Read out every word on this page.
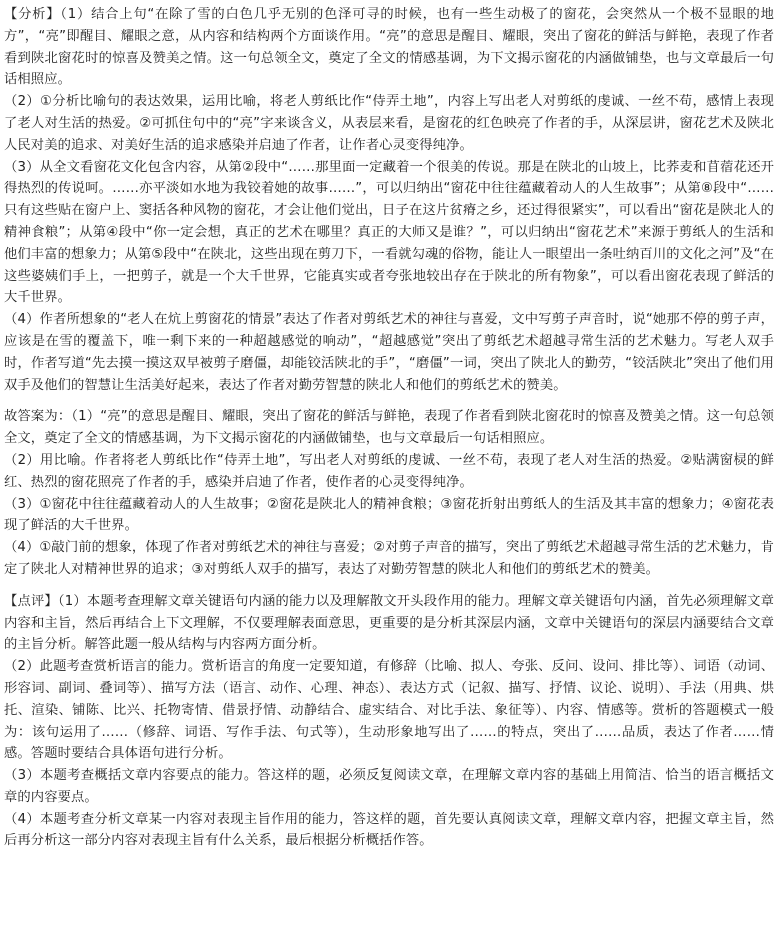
【分析】（1）结合上句“在除了雪的白色几乎无别的色泽可寻的时候，也有一些生动极了的窗花，会突然从一个极不显眼的地方”，“亮”即醒目、耀眼之意，从内容和结构两个方面谈作用。“亮”的意思是醒目、耀眼，突出了窗花的鲜活与鲜艳，表现了作者看到陕北窗花时的惊喜及赞美之情。这一句总领全文，奠定了全文的情感基调，为下文揭示窗花的内涵做铺垫，也与文章最后一句话相照应。

（2）①分析比喻句的表达效果，运用比喻，将老人剪纸比作“侍弄土地”，内容上写出老人对剪纸的虔诚、一丝不苟，感情上表现了老人对生活的热爱。②可抓住句中的“亮”字来谈含义，从表层来看，是窗花的红色映亮了作者的手，从深层讲，窗花艺术及陕北人民对美的追求、对美好生活的追求感染并启迪了作者，让作者心灵变得纯净。

（3）从全文看窗花文化包含内容，从第②段中“……那里面一定藏着一个很美的传说。那是在陕北的山坡上，比荞麦和苜蓿花还开得热烈的传说呵。……亦平淡如水地为我铰着她的故事……”，可以归纳出“窗花中往往蕴藏着动人的人生故事”；从第⑧段中“……只有这些贴在窗户上、窦括各种风物的窗花，才会让他们觉出，日子在这片贫瘠之乡，还过得很紧实”，可以看出“窗花是陕北人的精神食粮”；从第④段中“你一定会想，真正的艺术在哪里？真正的大师又是谁？”，可以归纳出“窗花艺术”来源于剪纸人的生活和他们丰富的想象力；从第⑤段中“在陕北，这些出现在剪刀下，一看就勾魂的俗物，能让人一眼望出一条吐纳百川的文化之河”及“在这些婆姨们手上，一把剪子，就是一个大千世界，它能真实或者夸张地较出存在于陕北的所有物象”，可以看出窗花表现了鲜活的大千世界。

（4）作者所想象的“老人在炕上剪窗花的情景”表达了作者对剪纸艺术的神往与喜爱，文中写剪子声音时，说“她那不停的剪子声，应该是在雪的覆盖下，唯一剩下来的一种超越感觉的响动”，“超越感觉”突出了剪纸艺术超越寻常生活的艺术魅力。写老人双手时，作者写道“先去摸一摸这双早被剪子磨僵，却能铰活陕北的手”，“磨僵”一词，突出了陕北人的勤劳，“铰活陕北”突出了他们用双手及他们的智慧让生活美好起来，表达了作者对勤劳智慧的陕北人和他们的剪纸艺术的赞美。

故答案为：（1）“亮”的意思是醒目、耀眼，突出了窗花的鲜活与鲜艳，表现了作者看到陕北窗花时的惊喜及赞美之情。这一句总领全文，奠定了全文的情感基调，为下文揭示窗花的内涵做铺垫，也与文章最后一句话相照应。

（2）用比喻。作者将老人剪纸比作“侍弄土地”，写出老人对剪纸的虔诚、一丝不苟，表现了老人对生活的热爱。②贴满窗棂的鲜红、热烈的窗花照亮了作者的手，感染并启迪了作者，使作者的心灵变得纯净。

（3）①窗花中往往蕴藏着动人的人生故事；②窗花是陕北人的精神食粮；③窗花折射出剪纸人的生活及其丰富的想象力；④窗花表现了鲜活的大千世界。

（4）①敲门前的想象，体现了作者对剪纸艺术的神往与喜爱；②对剪子声音的描写，突出了剪纸艺术超越寻常生活的艺术魅力，肯定了陕北人对精神世界的追求；③对剪纸人双手的描写，表达了对勤劳智慧的陕北人和他们的剪纸艺术的赞美。

【点评】（1）本题考查理解文章关键语句内涵的能力以及理解散文开头段作用的能力。理解文章关键语句内涵，首先必须理解文章内容和主旨，然后再结合上下文理解，不仅要理解表面意思，更重要的是分析其深层内涵，文章中关键语句的深层内涵要结合文章的主旨分析。解答此题一般从结构与内容两方面分析。

（2）此题考查赏析语言的能力。赏析语言的角度一定要知道，有修辞（比喻、拟人、夸张、反问、设问、排比等）、词语（动词、形容词、副词、叠词等）、描写方法（语言、动作、心理、神态）、表达方式（记叙、描写、抒情、议论、说明）、手法（用典、烘托、渲染、铺陈、比兴、托物寄情、借景抒情、动静结合、虚实结合、对比手法、象征等）、内容、情感等。赏析的答题模式一般为：该句运用了……（修辞、词语、写作手法、句式等），生动形象地写出了……的特点，突出了……品质，表达了作者……情感。答题时要结合具体语句进行分析。

（3）本题考查概括文章内容要点的能力。答这样的题，必须反复阅读文章，在理解文章内容的基础上用简洁、恰当的语言概括文章的内容要点。

（4）本题考查分析文章某一内容对表现主旨作用的能力，答这样的题，首先要认真阅读文章，理解文章内容，把握文章主旨，然后再分析这一部分内容对表现主旨有什么关系，最后根据分析概括作答。
